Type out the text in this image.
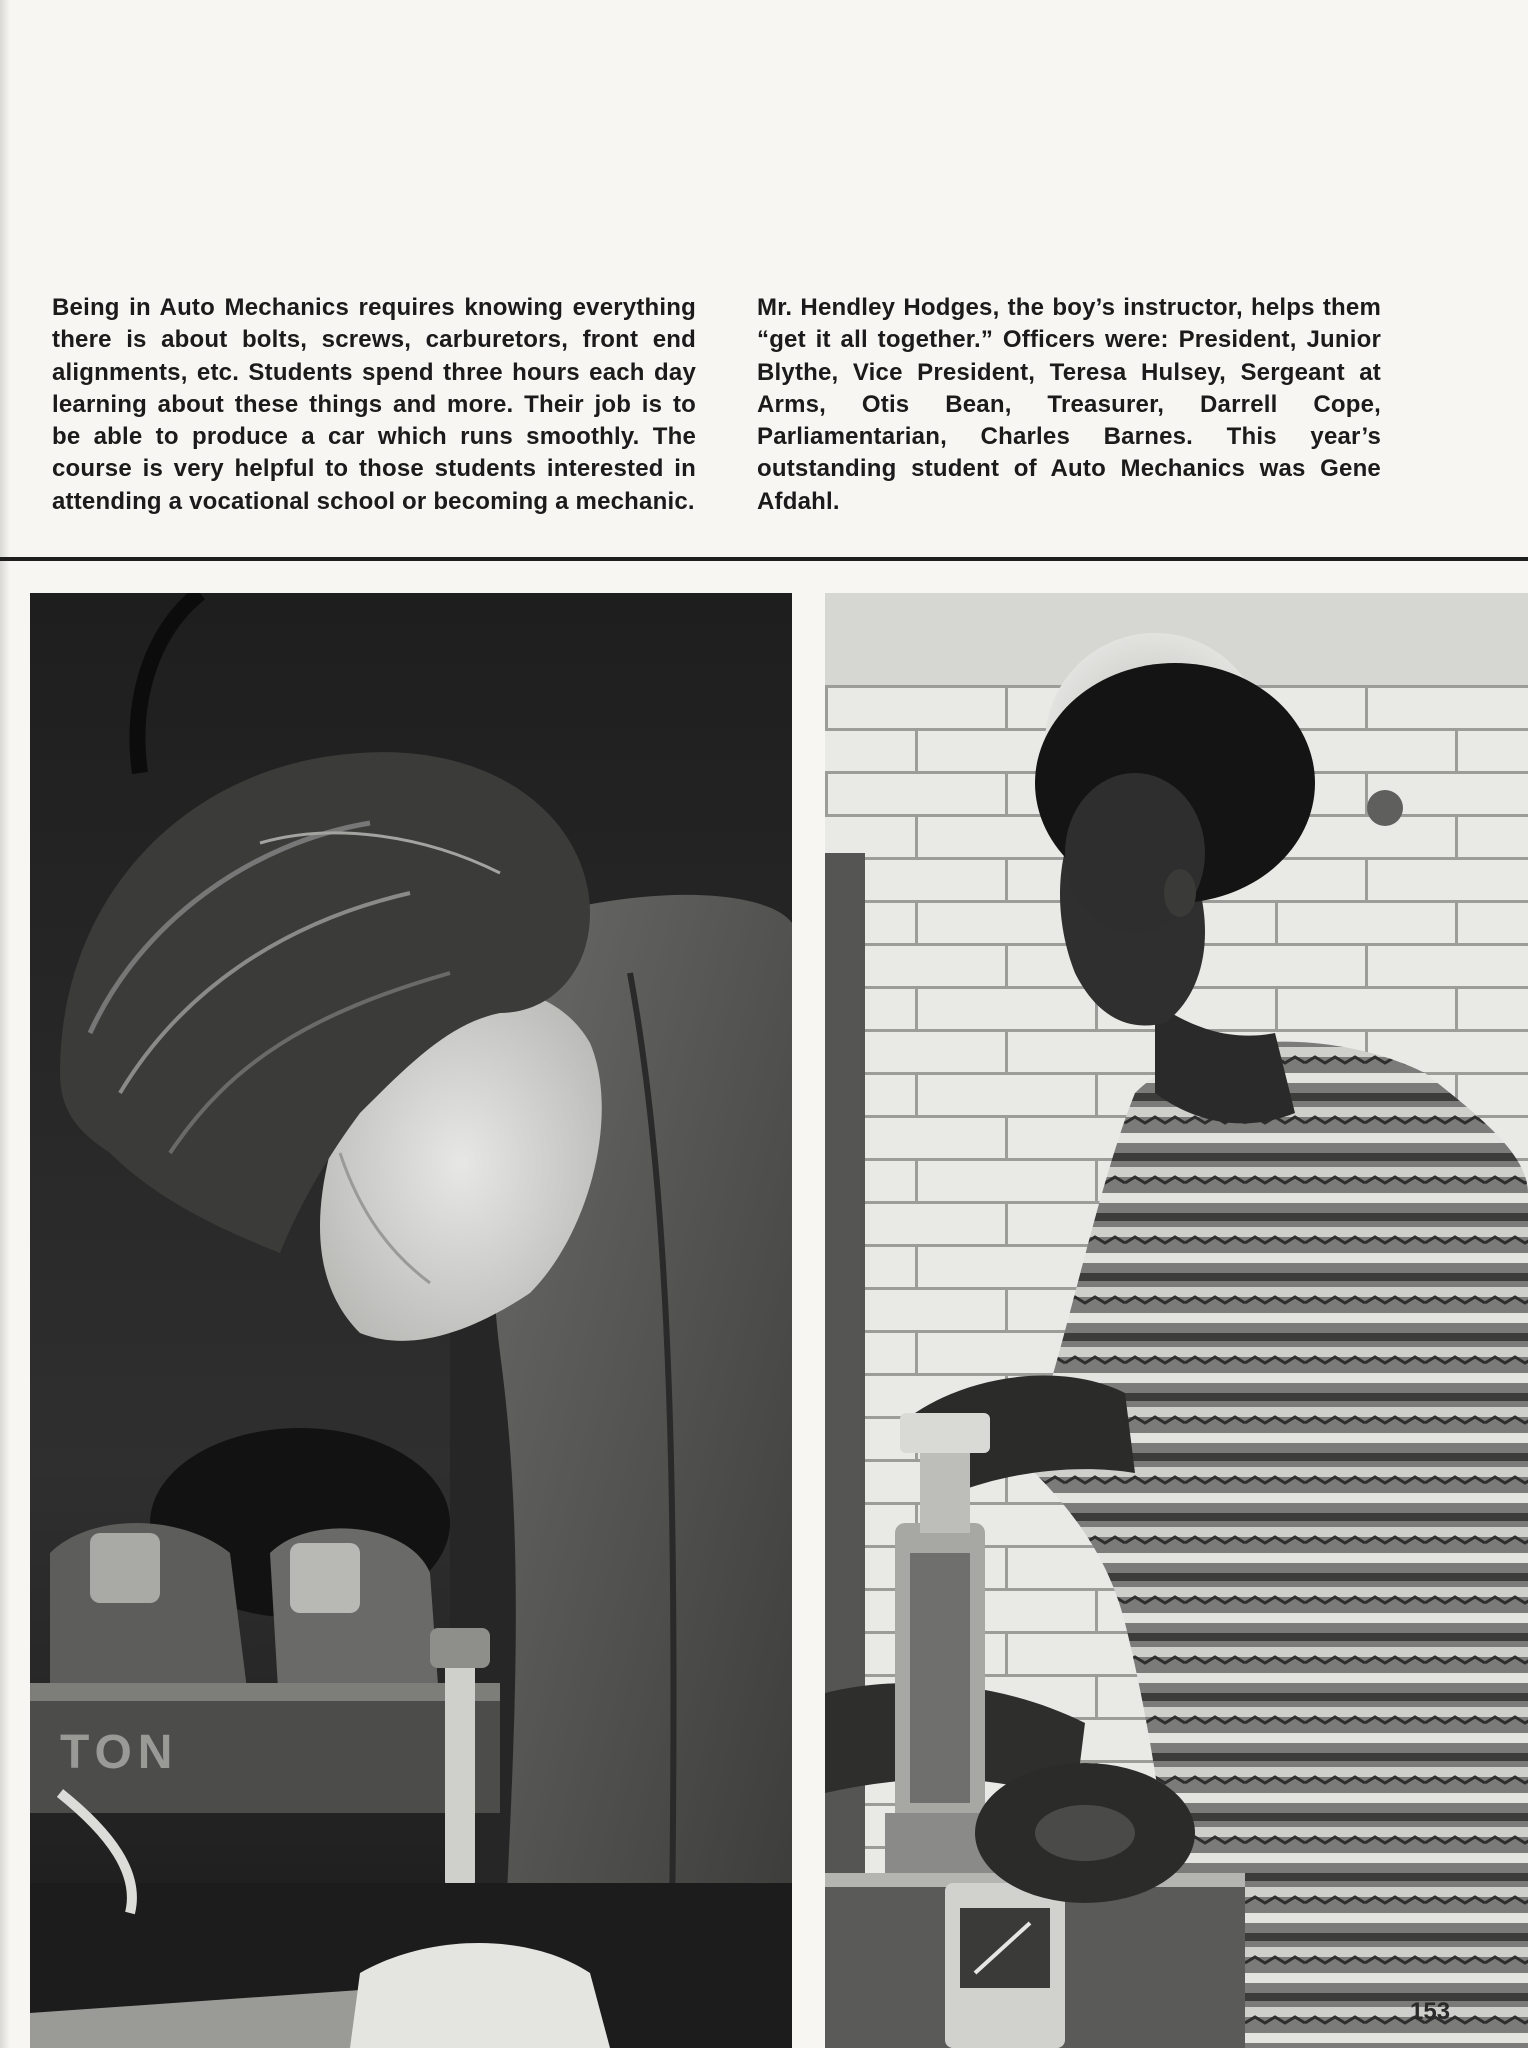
Being in Auto Mechanics requires knowing everything there is about bolts, screws, carburetors, front end alignments, etc. Students spend three hours each day learning about these things and more. Their job is to be able to produce a car which runs smoothly. The course is very helpful to those students interested in attending a vocational school or becoming a mechanic.

Mr. Hendley Hodges, the boy’s instructor, helps them “get it all together.” Officers were: President, Junior Blythe, Vice President, Teresa Hulsey, Sergeant at Arms, Otis Bean, Treasurer, Darrell Cope, Parliamentarian, Charles Barnes. This year’s outstanding student of Auto Mechanics was Gene Afdahl.

TON
153
